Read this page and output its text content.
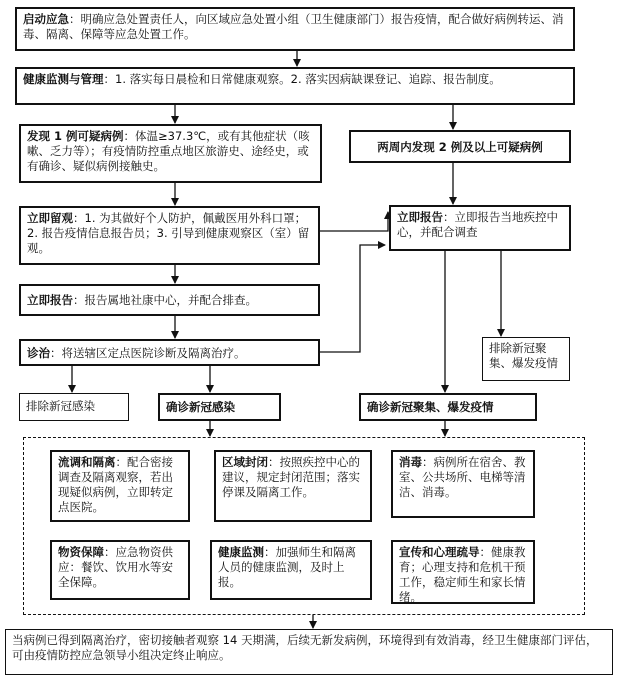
启动应急：明确应急处置责任人，向区域应急处置小组（卫生健康部门）报告疫情，配合做好病例转运、消毒、隔离、保障等应急处置工作。
健康监测与管理：1. 落实每日晨检和日常健康观察。2. 落实因病缺课登记、追踪、报告制度。
发现 1 例可疑病例：体温≥37.3℃，或有其他症状（咳嗽、乏力等）；有疫情防控重点地区旅游史、途经史，或有确诊、疑似病例接触史。
两周内发现 2 例及以上可疑病例
立即留观：1. 为其做好个人防护，佩戴医用外科口罩；2. 报告疫情信息报告员；3. 引导到健康观察区（室）留观。
立即报告：立即报告当地疾控中心，并配合调查
立即报告：报告属地社康中心，并配合排查。
排除新冠聚集、爆发疫情
诊治：将送辖区定点医院诊断及隔离治疗。
排除新冠感染	确诊新冠感染	确诊新冠聚集、爆发疫情
流调和隔离：配合密接调查及隔离观察，若出现疑似病例，立即转定点医院。
区域封闭：按照疾控中心的建议，规定封闭范围；落实停课及隔离工作。
消毒：病例所在宿舍、教室、公共场所、电梯等清洁、消毒。
物资保障：应急物资供应：餐饮、饮用水等安全保障。
健康监测：加强师生和隔离人员的健康监测，及时上报。
宣传和心理疏导：健康教育；心理支持和危机干预工作，稳定师生和家长情绪。
当病例已得到隔离治疗，密切接触者观察 14 天期满，后续无新发病例，环境得到有效消毒，经卫生健康部门评估，可由疫情防控应急领导小组决定终止响应。
